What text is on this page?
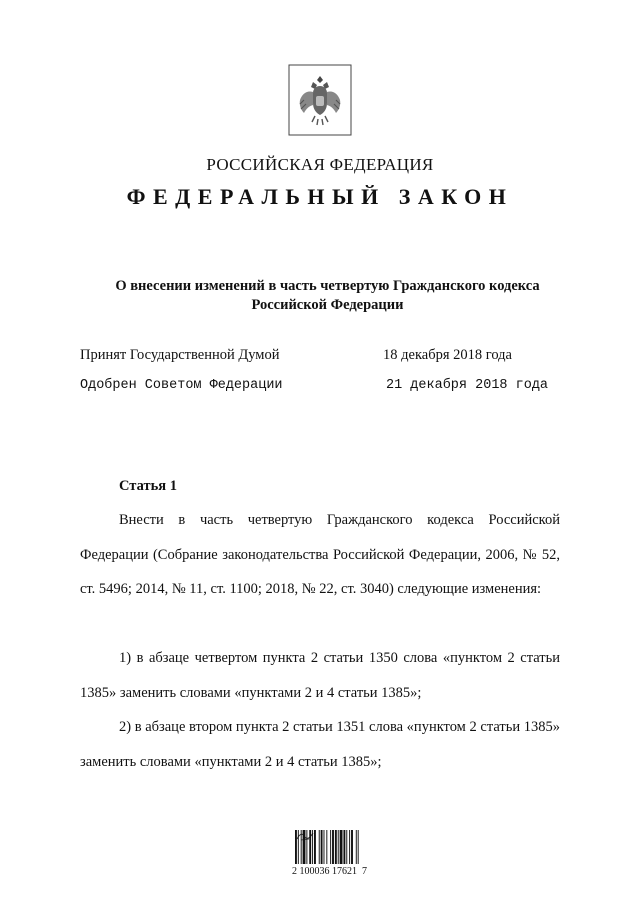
РОССИЙСКАЯ ФЕДЕРАЦИЯ
ФЕДЕРАЛЬНЫЙ ЗАКОН
О внесении изменений в часть четвертую Гражданского кодекса
Российской Федерации
Принят Государственной Думой	18 декабря 2018 года
Одобрен Советом Федерации	21 декабря 2018 года
Статья 1
Внести в часть четвертую Гражданского кодекса Российской Федерации (Собрание законодательства Российской Федерации, 2006, № 52, ст. 5496; 2014, № 11, ст. 1100; 2018, № 22, ст. 3040) следующие изменения:
1) в абзаце четвертом пункта 2 статьи 1350 слова «пунктом 2 статьи 1385» заменить словами «пунктами 2 и 4 статьи 1385»;
2) в абзаце втором пункта 2 статьи 1351 слова «пунктом 2 статьи 1385» заменить словами «пунктами 2 и 4 статьи 1385»;
2 100036 17621  7
